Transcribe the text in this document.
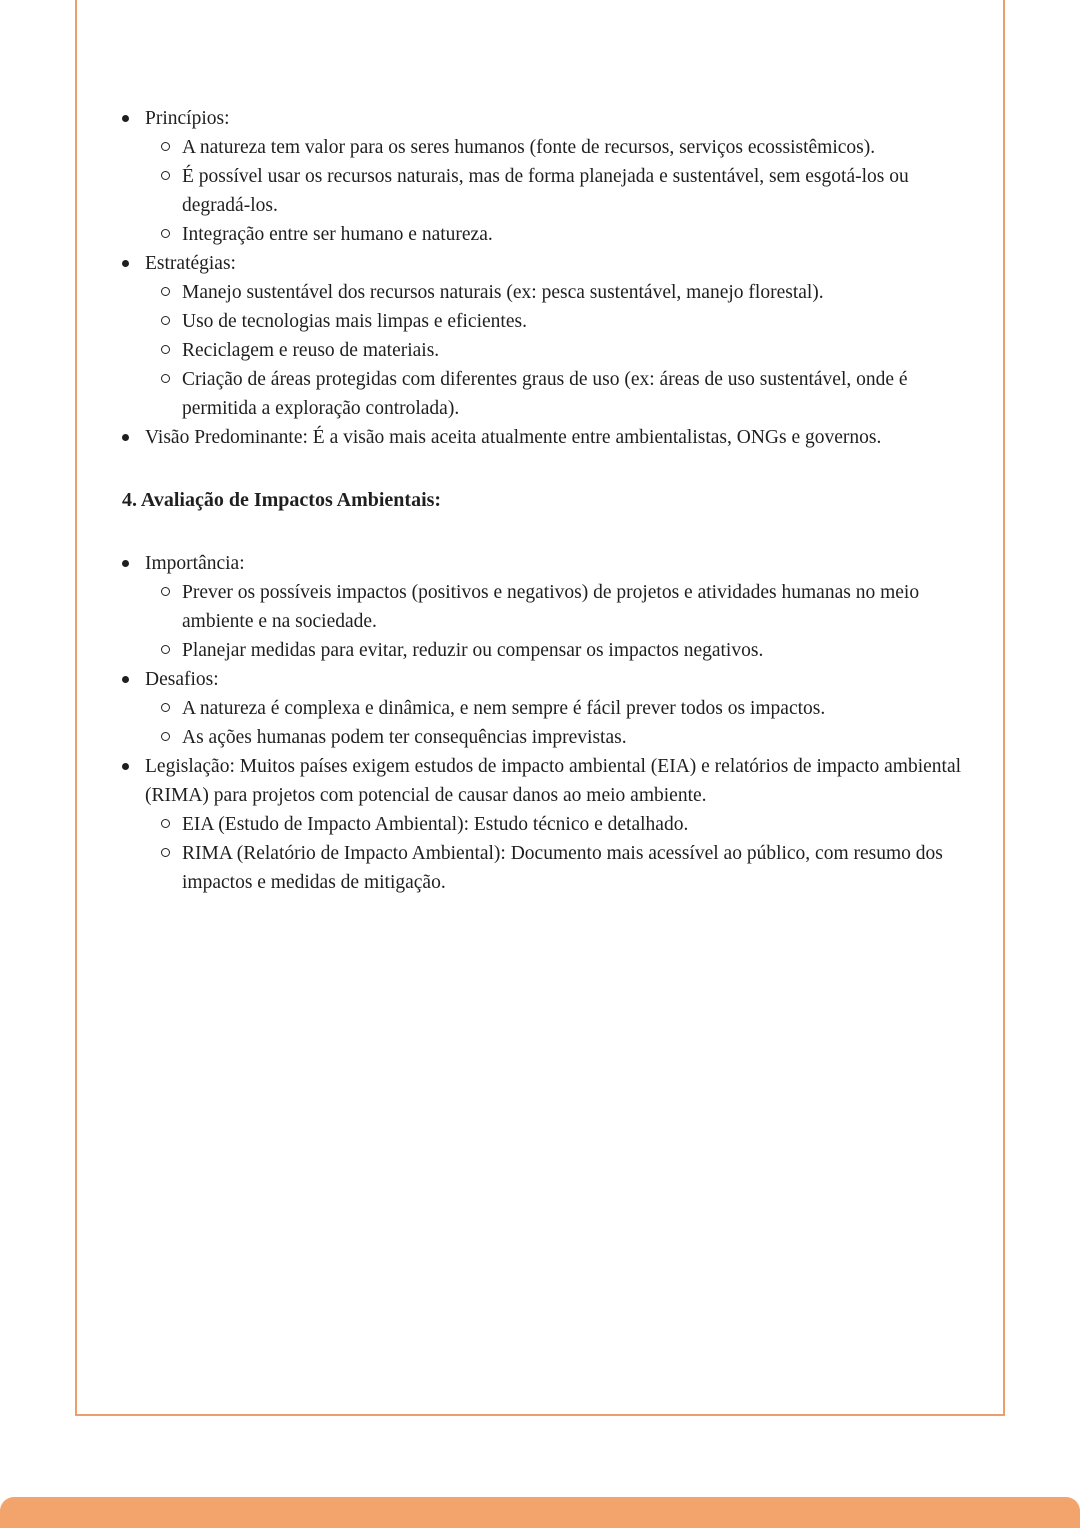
Princípios:
A natureza tem valor para os seres humanos (fonte de recursos, serviços ecossistêmicos).
É possível usar os recursos naturais, mas de forma planejada e sustentável, sem esgotá-los ou degradá-los.
Integração entre ser humano e natureza.
Estratégias:
Manejo sustentável dos recursos naturais (ex: pesca sustentável, manejo florestal).
Uso de tecnologias mais limpas e eficientes.
Reciclagem e reuso de materiais.
Criação de áreas protegidas com diferentes graus de uso (ex: áreas de uso sustentável, onde é permitida a exploração controlada).
Visão Predominante: É a visão mais aceita atualmente entre ambientalistas, ONGs e governos.
4. Avaliação de Impactos Ambientais:
Importância:
Prever os possíveis impactos (positivos e negativos) de projetos e atividades humanas no meio ambiente e na sociedade.
Planejar medidas para evitar, reduzir ou compensar os impactos negativos.
Desafios:
A natureza é complexa e dinâmica, e nem sempre é fácil prever todos os impactos.
As ações humanas podem ter consequências imprevistas.
Legislação: Muitos países exigem estudos de impacto ambiental (EIA) e relatórios de impacto ambiental (RIMA) para projetos com potencial de causar danos ao meio ambiente.
EIA (Estudo de Impacto Ambiental): Estudo técnico e detalhado.
RIMA (Relatório de Impacto Ambiental): Documento mais acessível ao público, com resumo dos impactos e medidas de mitigação.
